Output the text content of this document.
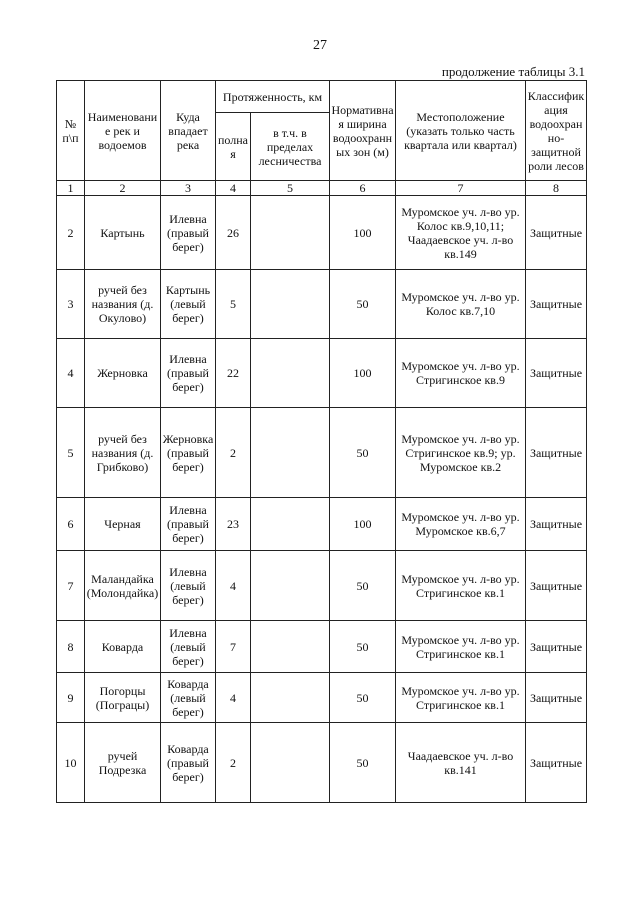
27
продолжение таблицы 3.1
№ п\п	Наименование рек и водоемов	Куда впадает река	Протяженность, км		Нормативная ширина водоохранных зон (м)	Местоположение (указать только часть квартала или квартал)	Классификация водоохранно-защитной роли лесов
			полная	в т.ч. в пределах лесничества			
1	2	3	4	5	6	7	8
2	Картынь	Илевна (правый берег)	26		100	Муромское уч. л-во ур. Колос кв.9,10,11; Чаадаевское уч. л-во кв.149	Защитные
3	ручей без названия (д. Окулово)	Картынь (левый берег)	5		50	Муромское уч. л-во ур. Колос кв.7,10	Защитные
4	Жерновка	Илевна (правый берег)	22		100	Муромское уч. л-во ур. Стригинское кв.9	Защитные
5	ручей без названия (д. Грибково)	Жерновка (правый берег)	2		50	Муромское уч. л-во ур. Стригинское кв.9; ур. Муромское кв.2	Защитные
6	Черная	Илевна (правый берег)	23		100	Муромское уч. л-во ур. Муромское кв.6,7	Защитные
7	Маландайка (Молондайка)	Илевна (левый берег)	4		50	Муромское уч. л-во ур. Стригинское кв.1	Защитные
8	Коварда	Илевна (левый берег)	7		50	Муромское уч. л-во ур. Стригинское кв.1	Защитные
9	Погорцы (Пограцы)	Коварда (левый берег)	4		50	Муромское уч. л-во ур. Стригинское кв.1	Защитные
10	ручей Подрезка	Коварда (правый берег)	2		50	Чаадаевское уч. л-во кв.141	Защитные
